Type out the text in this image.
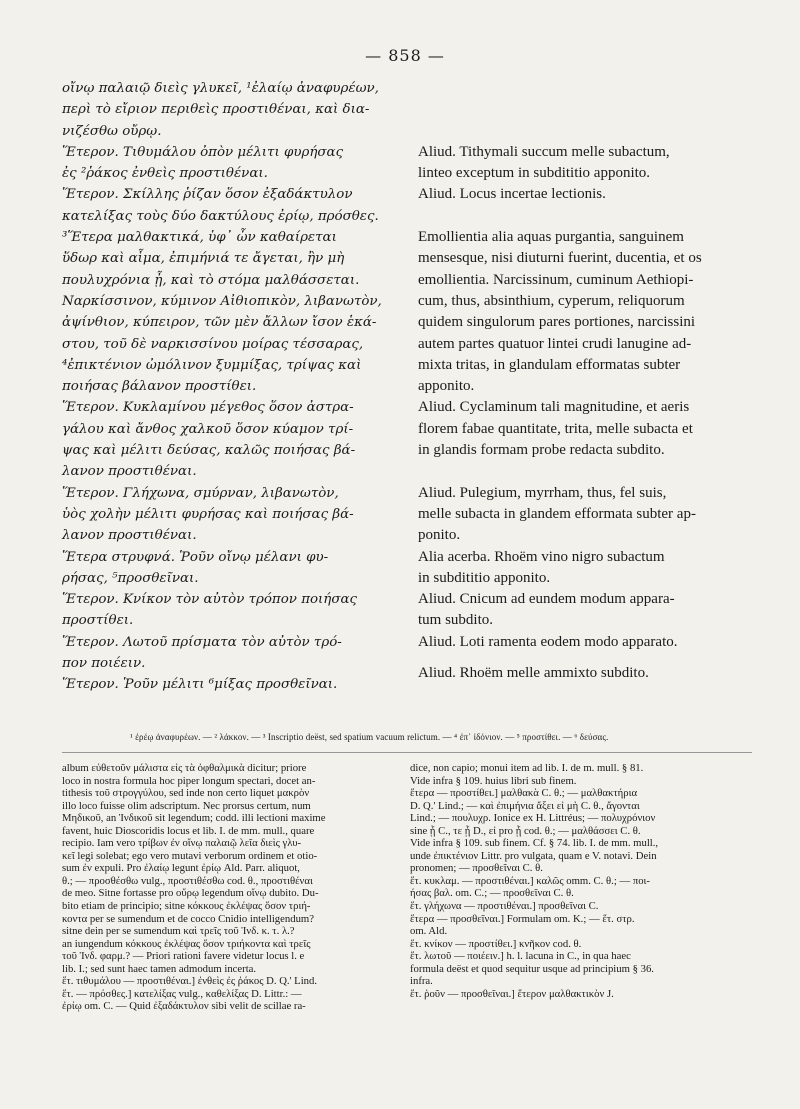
— 858 —
οἴνῳ παλαιῷ διεὶς γλυκεῖ, ¹ἐλαίῳ ἀναφυρέων,
περὶ τὸ εἴριον περιθεὶς προστιθέναι, καὶ δια-
νιζέσθω οὔρῳ.
Ἕτερον. Τιθυμάλου ὀπὸν μέλιτι φυρήσας
ἐς ²ῥάκος ἐνθεὶς προστιθέναι.
Ἕτερον. Σκίλλης ῥίζαν ὅσον ἐξαδάκτυλον
κατελίξας τοὺς δύο δακτύλους ἐρίῳ, πρόσθες.
³Ἕτερα μαλθακτικά, ὑφ᾽ ὧν καθαίρεται
ὕδωρ καὶ αἷμα, ἐπιμήνιά τε ἄγεται, ἢν μὴ
πουλυχρόνια ᾖ, καὶ τὸ στόμα μαλθάσσεται.
Ναρκίσσινον, κύμινον Αἰθιοπικὸν, λιβανωτὸν,
ἀψίνθιον, κύπειρον, τῶν μὲν ἄλλων ἴσον ἑκά-
στου, τοῦ δὲ ναρκισσίνου μοίρας τέσσαρας,
⁴ἐπικτένιον ὠμόλινον ξυμμίξας, τρίψας καὶ
ποιήσας βάλανον προστίθει.
Ἕτερον. Κυκλαμίνου μέγεθος ὅσον ἀστρα-
γάλου καὶ ἄνθος χαλκοῦ ὅσον κύαμον τρί-
ψας καὶ μέλιτι δεύσας, καλῶς ποιήσας βά-
λανον προστιθέναι.
Ἕτερον. Γλήχωνα, σμύρναν, λιβανωτὸν,
ὑὸς χολὴν μέλιτι φυρήσας καὶ ποιήσας βά-
λανον προστιθέναι.
Ἕτερα στρυφνά. Ῥοῦν οἴνῳ μέλανι φυ-
ρήσας, ⁵προσθεῖναι.
Ἕτερον. Κνίκον τὸν αὐτὸν τρόπον ποιήσας
προστίθει.
Ἕτερον. Λωτοῦ πρίσματα τὸν αὐτὸν τρό-
πον ποιέειν.
Ἕτερον. Ῥοῦν μέλιτι ⁶μίξας προσθεῖναι.
Aliud. Tithymali succum melle subactum,
linteo exceptum in subdititio apponito.
Aliud. Locus incertae lectionis.
Emollientia alia aquas purgantia, sanguinem
mensesque, nisi diuturni fuerint, ducentia, et os
emollientia. Narcissinum, cuminum Aethiopi-
cum, thus, absinthium, cyperum, reliquorum
quidem singulorum pares portiones, narcissini
autem partes quatuor lintei crudi lanugine ad-
mixta tritas, in glandulam efformatas subter
apponito.
Aliud. Cyclaminum tali magnitudine, et aeris
florem fabae quantitate, trita, melle subacta et
in glandis formam probe redacta subdito.
Aliud. Pulegium, myrrham, thus, fel suis,
melle subacta in glandem efformata subter ap-
ponito.
Alia acerba. Rhoëm vino nigro subactum
in subdititio apponito.
Aliud. Cnicum ad eundem modum appara-
tum subdito.
Aliud. Loti ramenta eodem modo apparato.
Aliud. Rhoëm melle ammixto subdito.
¹ ἐρέῳ ἀναφυρέων. — ² λάκκον. — ³ Inscriptio deëst, sed spatium vacuum relictum. — ⁴ ἐπ᾽ ἰδόνιον. — ⁵ προστίθει. — ⁶ δεύσας.
album εὐθετοῦν μάλιστα εἰς τὰ ὀφθαλμικὰ dicitur; priore
loco in nostra formula hoc piper longum spectari, docet an-
tithesis τοῦ στρογγύλου, sed inde non certo liquet μακρὸν
illo loco fuisse olim adscriptum. Nec prorsus certum, num
Μηδικοῦ, an Ἰνδικοῦ sit legendum; codd. illi lectioni maxime
favent, huic Dioscoridis locus et lib. I. de mm. mull., quare
recipio. Iam vero τρίβων ἐν οἴνῳ παλαιῷ λεῖα διεὶς γλυ-
κεῖ legi solebat; ego vero mutavi verborum ordinem et otio-
sum ἐν expuli. Pro ἐλαίῳ legunt ἐρίῳ Ald. Parr. aliquot,
θ.; — προσθέσθω vulg., προστιθέσθω cod. θ., προστιθέναι
de meo. Sitne fortasse pro οὔρῳ legendum οἴνῳ dubito. Du-
bito etiam de principio; sitne κόκκους ἐκλέψας ὅσον τριή-
κοντα per se sumendum et de cocco Cnidio intelligendum?
sitne dein per se sumendum καὶ τρεῖς τοῦ Ἰνδ. κ. τ. λ.?
an iungendum κόκκους ἐκλέψας ὅσον τριήκοντα καὶ τρεῖς
τοῦ Ἰνδ. φαρμ.? — Priori rationi favere videtur locus l. e
lib. I.; sed sunt haec tamen admodum incerta.
ἕτ. τιθυμάλου — προστιθέναι.] ἐνθεὶς ἐς ῥάκος D. Q.' Lind.
ἕτ. — πρόσθες.] κατελίξας vulg., καθελίξας D. Littr.: —
ἐρίῳ om. C. — Quid ἐξαδάκτυλον sibi velit de scillae ra-
dice, non capio; monui item ad lib. I. de m. mull. § 81.
Vide infra § 109. huius libri sub finem.
ἕτερα — προστίθει.] μαλθακὰ C. θ.; — μαλθακτήρια
D. Q.' Lind.; — καὶ ἐπιμήνια ἄξει εἰ μὴ C. θ., ἄγονται
Lind.; — πουλυχρ. Ionice ex H. Littréus; — πολυχρόνιον
sine ᾖ C., τε ᾖ D., εἰ pro ᾖ cod. θ.; — μαλθάσσει C. θ.
Vide infra § 109. sub finem. Cf. § 74. lib. I. de mm. mull.,
unde ἐπικτένιον Littr. pro vulgata, quam e V. notavi. Dein
pronomen; — προσθεῖναι C. θ.
ἕτ. κυκλαμ. — προστιθέναι.] καλῶς omm. C. θ.; — ποι-
ήσας βαλ. om. C.; — προσθεῖναι C. θ.
ἕτ. γλήχωνα — προστιθέναι.] προσθεῖναι C.
ἕτερα — προσθεῖναι.] Formulam om. K.; — ἕτ. στρ.
om. Ald.
ἕτ. κνίκον — προστίθει.] κνῆκον cod. θ.
ἕτ. λωτοῦ — ποιέειν.] h. l. lacuna in C., in qua haec
formula deëst et quod sequitur usque ad principium § 36.
infra.
ἕτ. ῥοῦν — προσθεῖναι.] ἕτερον μαλθακτικὸν J.
